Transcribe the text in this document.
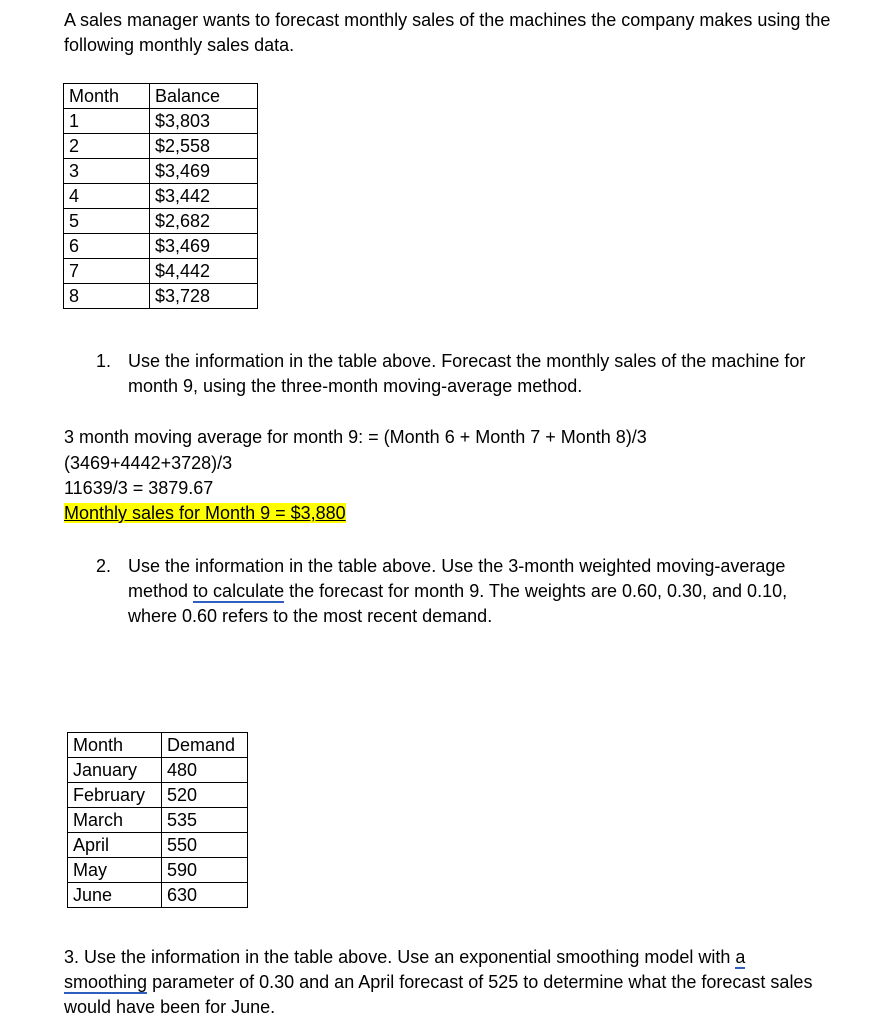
A sales manager wants to forecast monthly sales of the machines the company makes using the
following monthly sales data.
Month	Balance
1	$3,803
2	$2,558
3	$3,469
4	$3,442
5	$2,682
6	$3,469
7	$4,442
8	$3,728
1. Use the information in the table above. Forecast the monthly sales of the machine for
month 9, using the three-month moving-average method.
3 month moving average for month 9: = (Month 6 + Month 7 + Month 8)/3
(3469+4442+3728)/3
11639/3 = 3879.67
Monthly sales for Month 9 = $3,880
2. Use the information in the table above. Use the 3-month weighted moving-average
method to calculate the forecast for month 9. The weights are 0.60, 0.30, and 0.10,
where 0.60 refers to the most recent demand.
Month	Demand
January	480
February	520
March	535
April	550
May	590
June	630
3. Use the information in the table above. Use an exponential smoothing model with a
smoothing parameter of 0.30 and an April forecast of 525 to determine what the forecast sales
would have been for June.
